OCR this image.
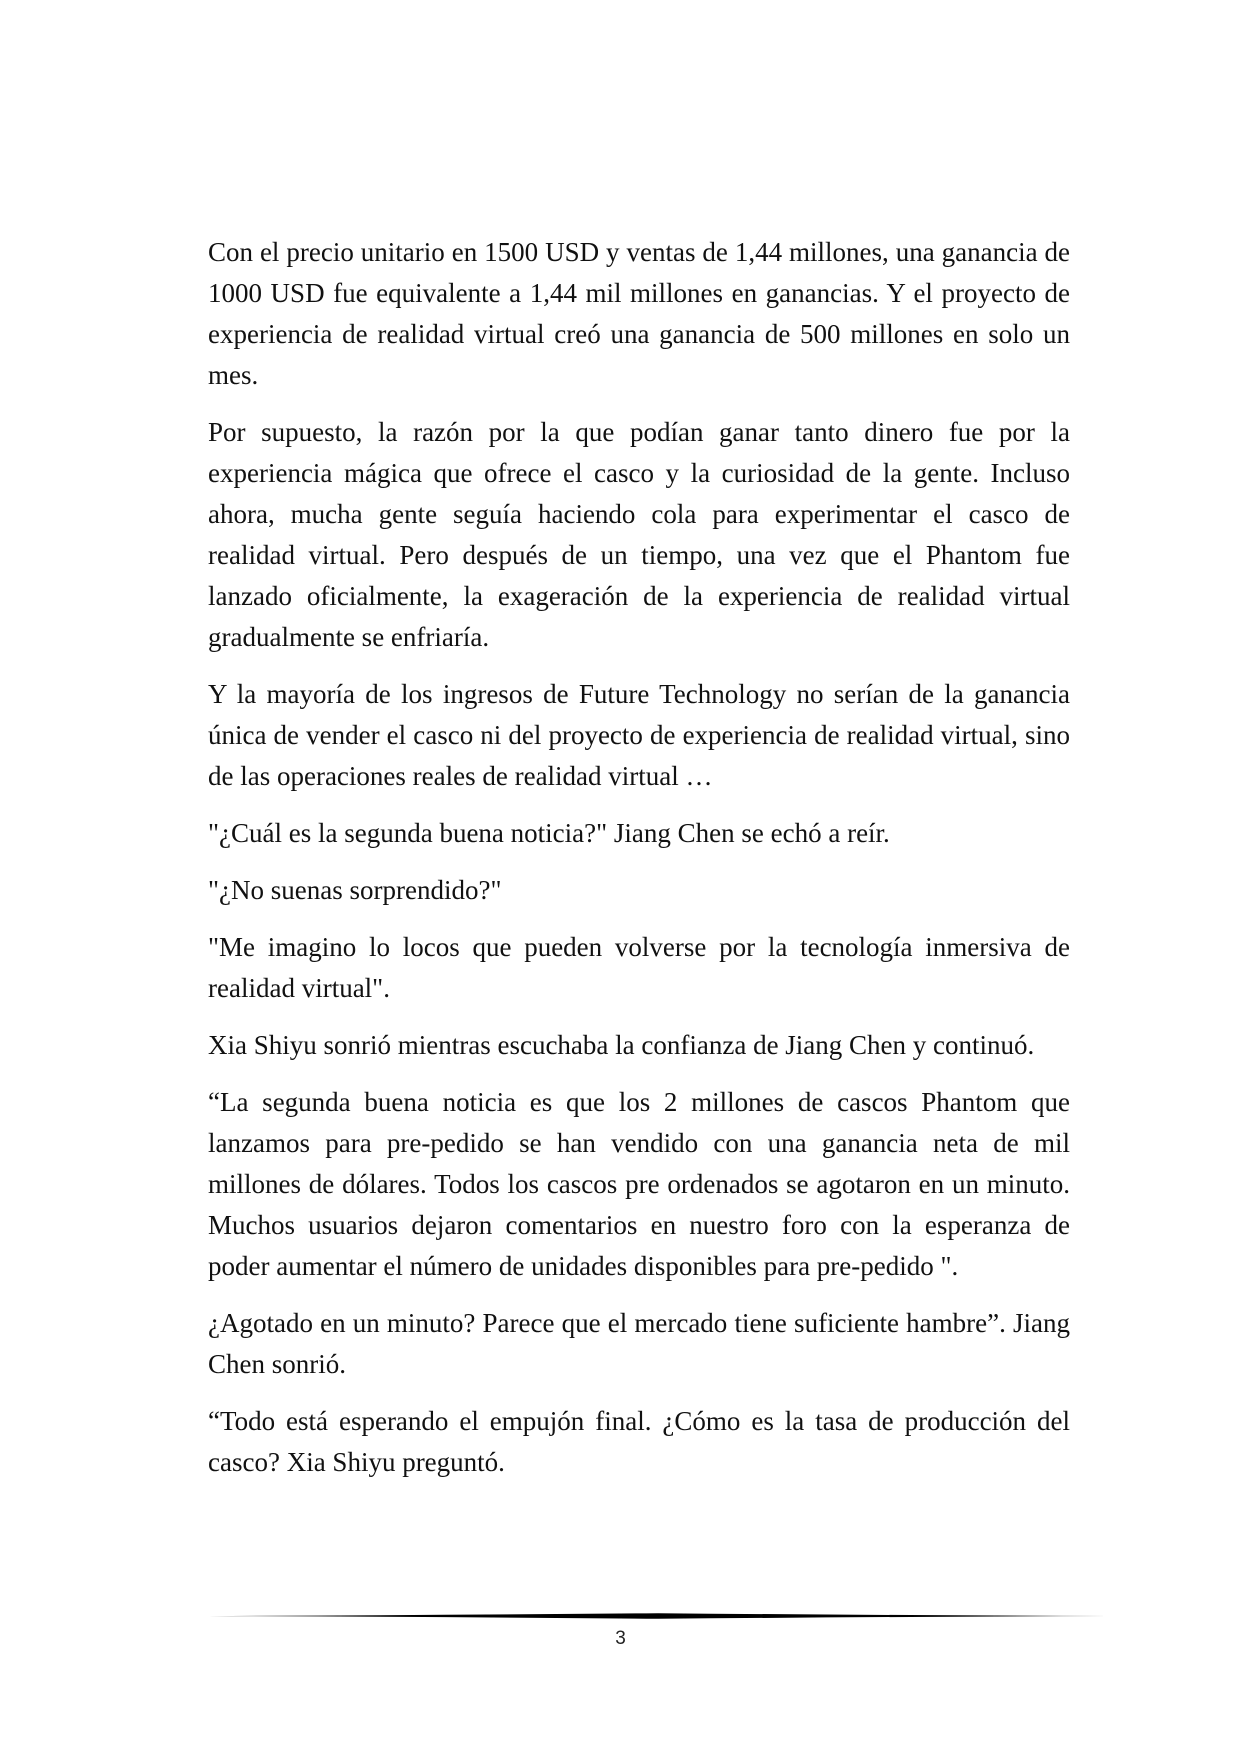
Con el precio unitario en 1500 USD y ventas de 1,44 millones, una ganancia de 1000 USD fue equivalente a 1,44 mil millones en ganancias. Y el proyecto de experiencia de realidad virtual creó una ganancia de 500 millones en solo un mes.

Por supuesto, la razón por la que podían ganar tanto dinero fue por la experiencia mágica que ofrece el casco y la curiosidad de la gente. Incluso ahora, mucha gente seguía haciendo cola para experimentar el casco de realidad virtual. Pero después de un tiempo, una vez que el Phantom fue lanzado oficialmente, la exageración de la experiencia de realidad virtual gradualmente se enfriaría.

Y la mayoría de los ingresos de Future Technology no serían de la ganancia única de vender el casco ni del proyecto de experiencia de realidad virtual, sino de las operaciones reales de realidad virtual …

"¿Cuál es la segunda buena noticia?" Jiang Chen se echó a reír.

"¿No suenas sorprendido?"

"Me imagino lo locos que pueden volverse por la tecnología inmersiva de realidad virtual".

Xia Shiyu sonrió mientras escuchaba la confianza de Jiang Chen y continuó.

“La segunda buena noticia es que los 2 millones de cascos Phantom que lanzamos para pre-pedido se han vendido con una ganancia neta de mil millones de dólares. Todos los cascos pre ordenados se agotaron en un minuto. Muchos usuarios dejaron comentarios en nuestro foro con la esperanza de poder aumentar el número de unidades disponibles para pre-pedido ".

¿Agotado en un minuto? Parece que el mercado tiene suficiente hambre”. Jiang Chen sonrió.

“Todo está esperando el empujón final. ¿Cómo es la tasa de producción del casco? Xia Shiyu preguntó.

3
